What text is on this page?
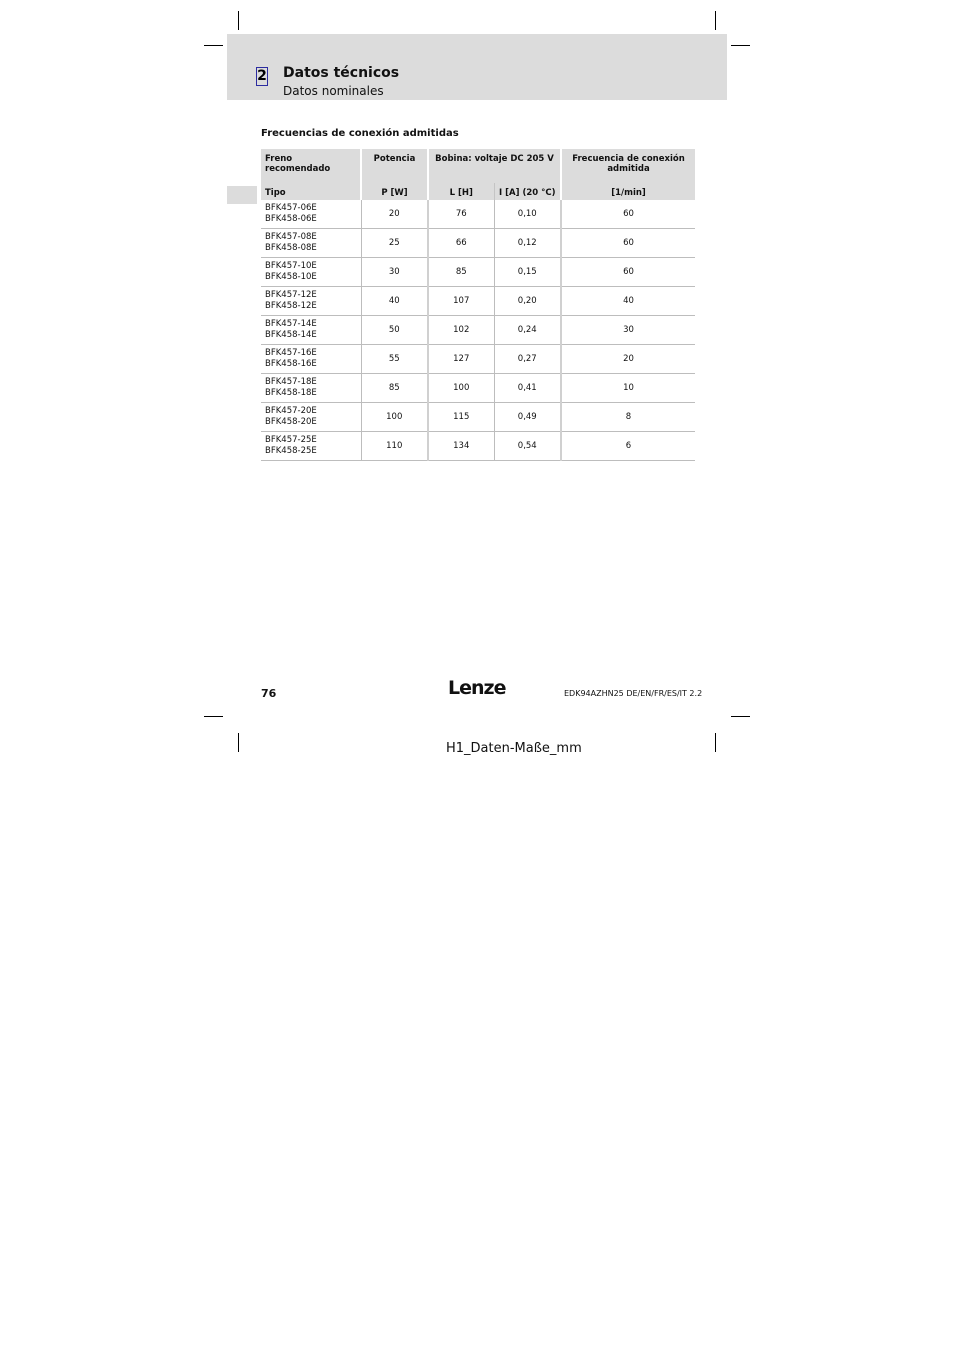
2 Datos técnicos
Datos nominales
Frecuencias de conexión admitidas
Freno recomendado	Potencia	Bobina: voltaje DC 205 V		Frecuencia de conexión admitida
Tipo	P [W]	L [H]	I [A] (20 °C)	[1/min]

BFK457-06E
BFK458-06E	20	76	0,10	60

BFK457-08E
BFK458-08E	25	66	0,12	60

BFK457-10E
BFK458-10E	30	85	0,15	60

BFK457-12E
BFK458-12E	40	107	0,20	40

BFK457-14E
BFK458-14E	50	102	0,24	30

BFK457-16E
BFK458-16E	55	127	0,27	20

BFK457-18E
BFK458-18E	85	100	0,41	10

BFK457-20E
BFK458-20E	100	115	0,49	8

BFK457-25E
BFK458-25E	110	134	0,54	6
76	Lenze	EDK94AZHN25 DE/EN/FR/ES/IT 2.2
H1_Daten-Maße_mm
